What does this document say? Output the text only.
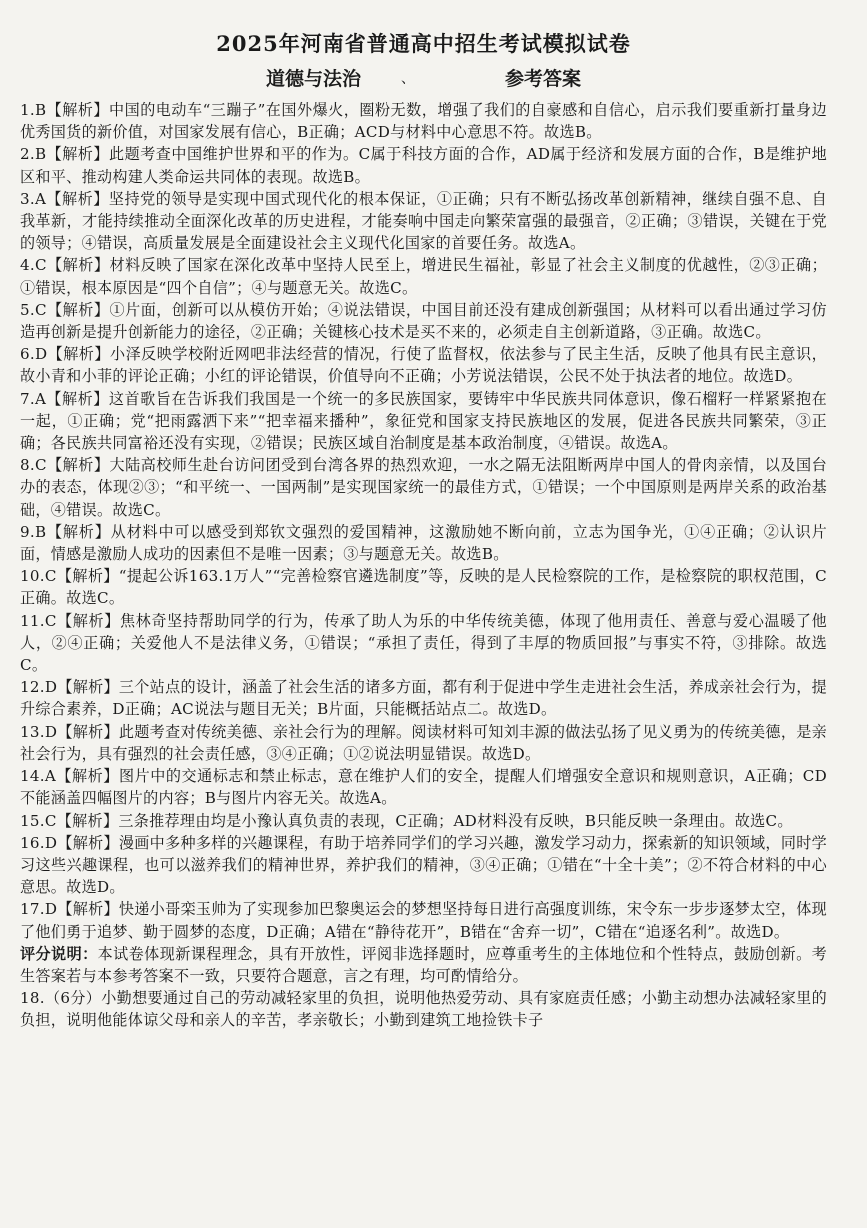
2025年河南省普通高中招生考试模拟试卷
道德与法治	、	参考答案

1.B【解析】中国的电动车“三蹦子”在国外爆火，圈粉无数，增强了我们的自豪感和自信心，启示我们要重新打量身边优秀国货的新价值，对国家发展有信心，B正确；ACD与材料中心意思不符。故选B。

2.B【解析】此题考查中国维护世界和平的作为。C属于科技方面的合作，AD属于经济和发展方面的合作，B是维护地区和平、推动构建人类命运共同体的表现。故选B。

3.A【解析】坚持党的领导是实现中国式现代化的根本保证，①正确；只有不断弘扬改革创新精神，继续自强不息、自我革新，才能持续推动全面深化改革的历史进程，才能奏响中国走向繁荣富强的最强音，②正确；③错误，关键在于党的领导；④错误，高质量发展是全面建设社会主义现代化国家的首要任务。故选A。

4.C【解析】材料反映了国家在深化改革中坚持人民至上，增进民生福祉，彰显了社会主义制度的优越性，②③正确；①错误，根本原因是“四个自信”；④与题意无关。故选C。

5.C【解析】①片面，创新可以从模仿开始；④说法错误，中国目前还没有建成创新强国；从材料可以看出通过学习仿造再创新是提升创新能力的途径，②正确；关键核心技术是买不来的，必须走自主创新道路，③正确。故选C。

6.D【解析】小泽反映学校附近网吧非法经营的情况，行使了监督权，依法参与了民主生活，反映了他具有民主意识，故小青和小菲的评论正确；小红的评论错误，价值导向不正确；小芳说法错误，公民不处于执法者的地位。故选D。

7.A【解析】这首歌旨在告诉我们我国是一个统一的多民族国家，要铸牢中华民族共同体意识，像石榴籽一样紧紧抱在一起，①正确；党“把雨露洒下来”“把幸福来播种”，象征党和国家支持民族地区的发展，促进各民族共同繁荣，③正确；各民族共同富裕还没有实现，②错误；民族区域自治制度是基本政治制度，④错误。故选A。

8.C【解析】大陆高校师生赴台访问团受到台湾各界的热烈欢迎，一水之隔无法阻断两岸中国人的骨肉亲情，以及国台办的表态，体现②③；“和平统一、一国两制”是实现国家统一的最佳方式，①错误；一个中国原则是两岸关系的政治基础，④错误。故选C。

9.B【解析】从材料中可以感受到郑钦文强烈的爱国精神，这激励她不断向前，立志为国争光，①④正确；②认识片面，情感是激励人成功的因素但不是唯一因素；③与题意无关。故选B。

10.C【解析】“提起公诉163.1万人”“完善检察官遴选制度”等，反映的是人民检察院的工作，是检察院的职权范围，C正确。故选C。

11.C【解析】焦林奇坚持帮助同学的行为，传承了助人为乐的中华传统美德，体现了他用责任、善意与爱心温暖了他人，②④正确；关爱他人不是法律义务，①错误；“承担了责任，得到了丰厚的物质回报”与事实不符，③排除。故选C。

12.D【解析】三个站点的设计，涵盖了社会生活的诸多方面，都有利于促进中学生走进社会生活，养成亲社会行为，提升综合素养，D正确；AC说法与题目无关；B片面，只能概括站点二。故选D。

13.D【解析】此题考查对传统美德、亲社会行为的理解。阅读材料可知刘丰源的做法弘扬了见义勇为的传统美德，是亲社会行为，具有强烈的社会责任感，③④正确；①②说法明显错误。故选D。

14.A【解析】图片中的交通标志和禁止标志，意在维护人们的安全，提醒人们增强安全意识和规则意识，A正确；CD不能涵盖四幅图片的内容；B与图片内容无关。故选A。

15.C【解析】三条推荐理由均是小豫认真负责的表现，C正确；AD材料没有反映，B只能反映一条理由。故选C。

16.D【解析】漫画中多种多样的兴趣课程，有助于培养同学们的学习兴趣，激发学习动力，探索新的知识领域，同时学习这些兴趣课程，也可以滋养我们的精神世界，养护我们的精神，③④正确；①错在“十全十美”；②不符合材料的中心意思。故选D。

17.D【解析】快递小哥栾玉帅为了实现参加巴黎奥运会的梦想坚持每日进行高强度训练，宋令东一步步逐梦太空，体现了他们勇于追梦、勤于圆梦的态度，D正确；A错在“静待花开”，B错在“舍弃一切”，C错在“追逐名利”。故选D。

评分说明：本试卷体现新课程理念，具有开放性，评阅非选择题时，应尊重考生的主体地位和个性特点，鼓励创新。考生答案若与本参考答案不一致，只要符合题意，言之有理，均可酌情给分。

18.（6分）小勤想要通过自己的劳动减轻家里的负担，说明他热爱劳动、具有家庭责任感；小勤主动想办法减轻家里的负担，说明他能体谅父母和亲人的辛苦，孝亲敬长；小勤到建筑工地捡铁卡子
